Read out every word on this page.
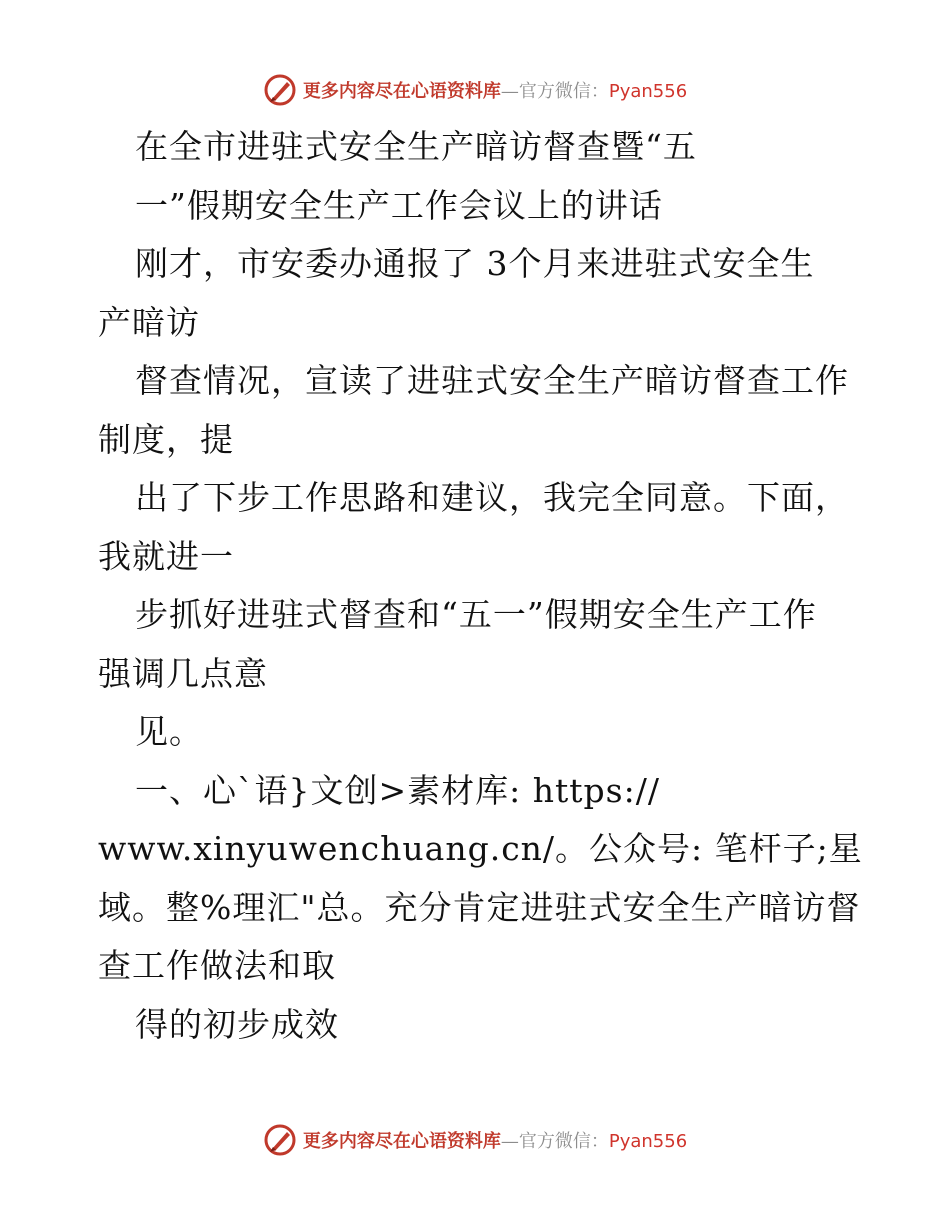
更多内容尽在心语资料库—官方微信：Pyan556
在全市进驻式安全生产暗访督查暨“五
一”假期安全生产工作会议上的讲话
刚才，市安委办通报了 3个月来进驻式安全生
产暗访
督查情况，宣读了进驻式安全生产暗访督查工作
制度，提
出了下步工作思路和建议，我完全同意。下面，
我就进一
步抓好进驻式督查和“五一”假期安全生产工作
强调几点意
见。
一、心`语}文创>素材库: https://
www.xinyuwenchuang.cn/。公众号: 笔杆子;星
域。整%理汇"总。充分肯定进驻式安全生产暗访督
查工作做法和取
得的初步成效
更多内容尽在心语资料库—官方微信：Pyan556
